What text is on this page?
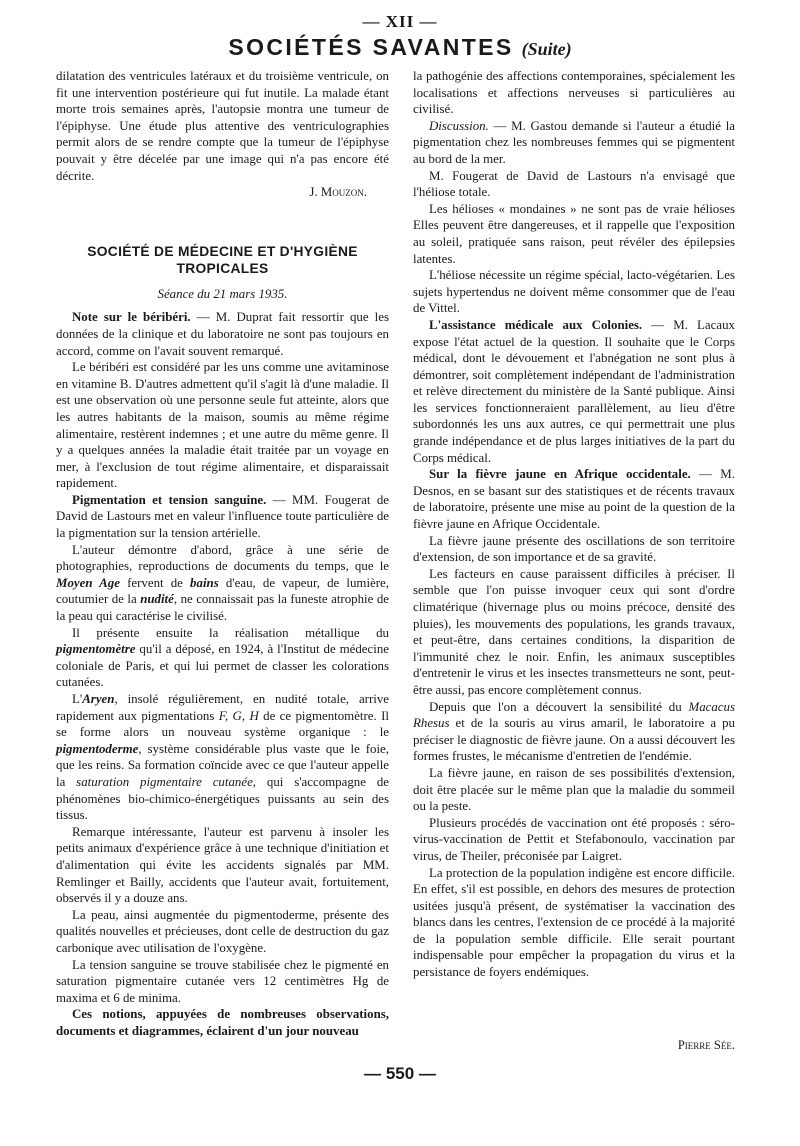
— XII —
SOCIÉTÉS SAVANTES (Suite)

dilatation des ventricules latéraux et du troisième ventricule, on fit une intervention postérieure qui fut inutile. La malade étant morte trois semaines après, l'autopsie montra une tumeur de l'épiphyse. Une étude plus attentive des ventriculographies permit alors de se rendre compte que la tumeur de l'épiphyse pouvait y être décelée par une image qui n'a pas encore été décrite.

J. Mouzon.

SOCIÉTÉ DE MÉDECINE ET D'HYGIÈNE TROPICALES
Séance du 21 mars 1935.

Note sur le béribéri. — M. Duprat fait ressortir que les données de la clinique et du laboratoire ne sont pas toujours en accord, comme on l'avait souvent remarqué.

Le béribéri est considéré par les uns comme une avitaminose en vitamine B. D'autres admettent qu'il s'agit là d'une maladie. Il est une observation où une personne seule fut atteinte, alors que les autres habitants de la maison, soumis au même régime alimentaire, restèrent indemnes ; et une autre du même genre. Il y a quelques années la maladie était traitée par un voyage en mer, à l'exclusion de tout régime alimentaire, et disparaissait rapidement.

Pigmentation et tension sanguine. — MM. Fougerat de David de Lastours met en valeur l'influence toute particulière de la pigmentation sur la tension artérielle.

L'auteur démontre d'abord, grâce à une série de photographies, reproductions de documents du temps, que le Moyen Age fervent de bains d'eau, de vapeur, de lumière, coutumier de la nudité, ne connaissait pas la funeste atrophie de la peau qui caractérise le civilisé.

Il présente ensuite la réalisation métallique du pigmentomètre qu'il a déposé, en 1924, à l'Institut de médecine coloniale de Paris, et qui lui permet de classer les colorations cutanées.

L'Aryen, insolé régulièrement, en nudité totale, arrive rapidement aux pigmentations F, G, H de ce pigmentomètre. Il se forme alors un nouveau système organique : le pigmentoderme, système considérable plus vaste que le foie, que les reins. Sa formation coïncide avec ce que l'auteur appelle la saturation pigmentaire cutanée, qui s'accompagne de phénomènes bio-chimico-énergétiques puissants au sein des tissus.

Remarque intéressante, l'auteur est parvenu à insoler les petits animaux d'expérience grâce à une technique d'initiation et d'alimentation qui évite les accidents signalés par MM. Remlinger et Bailly, accidents que l'auteur avait, fortuitement, observés il y a douze ans.

La peau, ainsi augmentée du pigmentoderme, présente des qualités nouvelles et précieuses, dont celle de destruction du gaz carbonique avec utilisation de l'oxygène.

La tension sanguine se trouve stabilisée chez le pigmenté en saturation pigmentaire cutanée vers 12 centimètres Hg de maxima et 6 de minima.

Ces notions, appuyées de nombreuses observations, documents et diagrammes, éclairent d'un jour nouveau

la pathogénie des affections contemporaines, spécialement les localisations et affections nerveuses si particulières au civilisé.

Discussion. — M. Gastou demande si l'auteur a étudié la pigmentation chez les nombreuses femmes qui se pigmentent au bord de la mer.

M. Fougerat de David de Lastours n'a envisagé que l'héliose totale.

Les hélioses « mondaines » ne sont pas de vraie hélioses Elles peuvent être dangereuses, et il rappelle que l'exposition au soleil, pratiquée sans raison, peut révéler des épilepsies latentes.

L'héliose nécessite un régime spécial, lacto-végétarien. Les sujets hypertendus ne doivent même consommer que de l'eau de Vittel.

L'assistance médicale aux Colonies. — M. Lacaux expose l'état actuel de la question. Il souhaite que le Corps médical, dont le dévouement et l'abnégation ne sont plus à démontrer, soit complètement indépendant de l'administration et relève directement du ministère de la Santé publique. Ainsi les services fonctionneraient parallèlement, au lieu d'être subordonnés les uns aux autres, ce qui permettrait une plus grande indépendance et de plus larges initiatives de la part du Corps médical.

Sur la fièvre jaune en Afrique occidentale. — M. Desnos, en se basant sur des statistiques et de récents travaux de laboratoire, présente une mise au point de la question de la fièvre jaune en Afrique Occidentale.

La fièvre jaune présente des oscillations de son territoire d'extension, de son importance et de sa gravité.

Les facteurs en cause paraissent difficiles à préciser. Il semble que l'on puisse invoquer ceux qui sont d'ordre climatérique (hivernage plus ou moins précoce, densité des pluies), les mouvements des populations, les grands travaux, et peut-être, dans certaines conditions, la disparition de l'immunité chez le noir. Enfin, les animaux susceptibles d'entretenir le virus et les insectes transmetteurs ne sont, peut-être aussi, pas encore complètement connus.

Depuis que l'on a découvert la sensibilité du Macacus Rhesus et de la souris au virus amaril, le laboratoire a pu préciser le diagnostic de fièvre jaune. On a aussi découvert les formes frustes, le mécanisme d'entretien de l'endémie.

La fièvre jaune, en raison de ses possibilités d'extension, doit être placée sur le même plan que la maladie du sommeil ou la peste.

Plusieurs procédés de vaccination ont été proposés : séro-virus-vaccination de Pettit et Stefabonoulo, vaccination par virus, de Theiler, préconisée par Laigret.

La protection de la population indigène est encore difficile. En effet, s'il est possible, en dehors des mesures de protection usitées jusqu'à présent, de systématiser la vaccination des blancs dans les centres, l'extension de ce procédé à la majorité de la population semble difficile. Elle serait pourtant indispensable pour empêcher la propagation du virus et la persistance de foyers endémiques.

Pierre Sée.
— 550 —
